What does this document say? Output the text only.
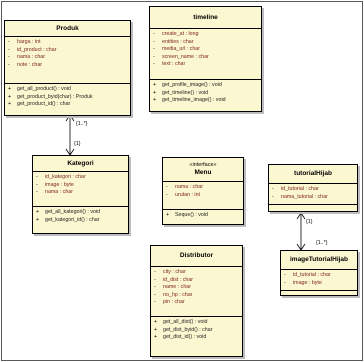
Produk
- harga : int
- id_product : char
- nama : char
- note : char
+ get_all_product() : void
+ get_product_byid(char) : Produk
+ get_product_id() : char
timeline
- create_at : long
- entities : char
- media_url : char
- screen_name : char
- text : char
+ get_profile_image() : void
+ get_timeline() : void
+ get_timeline_image() : void
Kategori
- id_kategori : char
- image : byte
- nama : char
+ get_all_kategori() : void
+ get_kategori_id() : char
«interface»
Menu
- nama : char
- urutan : int
+ Seque() : void
tutorialHijab
- id_tutorial : char
- nama_tutorial : char
Distributor
- city : char
- id_dist : char
- name : char
- no_hp : char
- pin : char
+ get_all_dist() : void
+ get_dist_byid() : char
+ get_dist_id() : void
imageTutorialHijab
- id_tutorial : char
- image : byte
{1..*}
{1}
{1}
{1..*}
